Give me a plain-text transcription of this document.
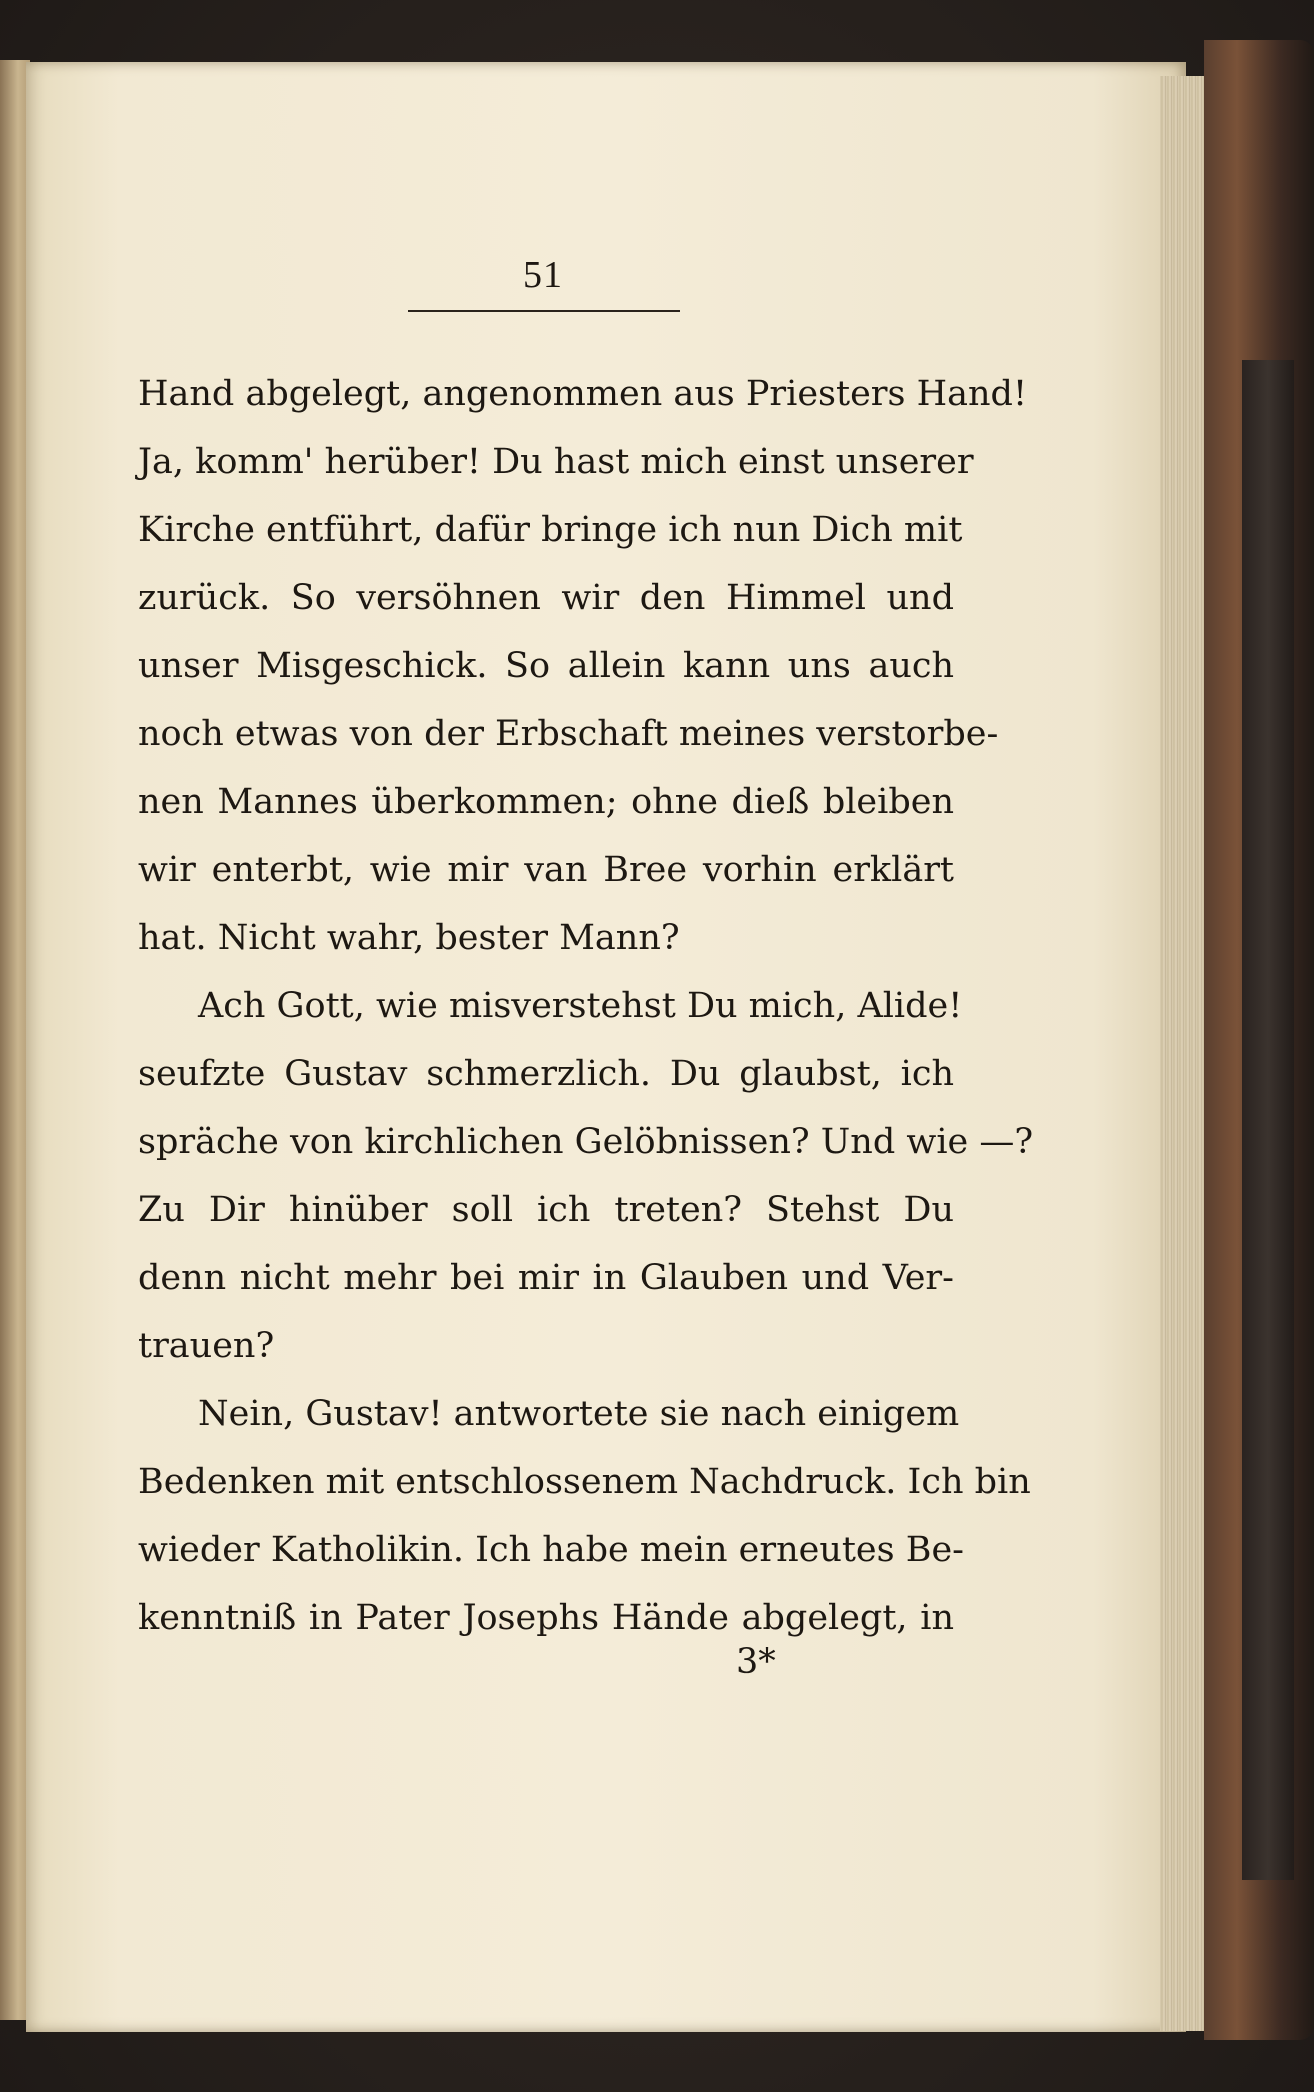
51
Hand abgelegt, angenommen aus Priesters Hand!
Ja, komm' herüber! Du hast mich einst unserer
Kirche entführt, dafür bringe ich nun Dich mit
zurück. So versöhnen wir den Himmel und
unser Misgeschick. So allein kann uns auch
noch etwas von der Erbschaft meines verstorbe-
nen Mannes überkommen; ohne dieß bleiben
wir enterbt, wie mir van Bree vorhin erklärt
hat. Nicht wahr, bester Mann?
Ach Gott, wie misverstehst Du mich, Alide!
seufzte Gustav schmerzlich. Du glaubst, ich
spräche von kirchlichen Gelöbnissen? Und wie —?
Zu Dir hinüber soll ich treten? Stehst Du
denn nicht mehr bei mir in Glauben und Ver-
trauen?
Nein, Gustav! antwortete sie nach einigem
Bedenken mit entschlossenem Nachdruck. Ich bin
wieder Katholikin. Ich habe mein erneutes Be-
kenntniß in Pater Josephs Hände abgelegt, in
3*
